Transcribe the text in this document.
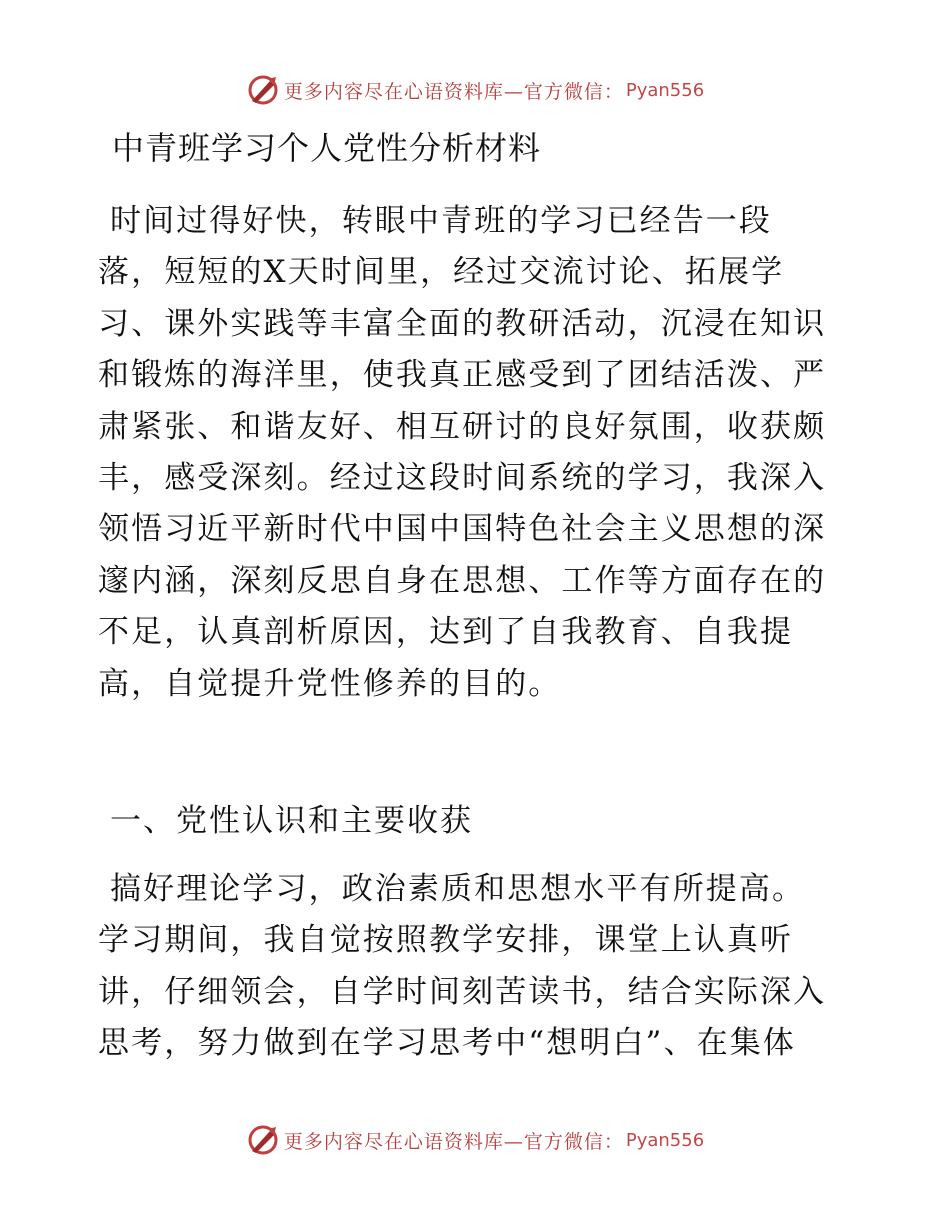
更多内容尽在心语资料库—官方微信： Pyan556
中青班学习个人党性分析材料
时间过得好快，转眼中青班的学习已经告一段
落，短短的X天时间里，经过交流讨论、拓展学
习、课外实践等丰富全面的教研活动，沉浸在知识
和锻炼的海洋里，使我真正感受到了团结活泼、严
肃紧张、和谐友好、相互研讨的良好氛围，收获颇
丰，感受深刻。经过这段时间系统的学习，我深入
领悟习近平新时代中国中国特色社会主义思想的深
邃内涵，深刻反思自身在思想、工作等方面存在的
不足，认真剖析原因，达到了自我教育、自我提
高，自觉提升党性修养的目的。
一、党性认识和主要收获
搞好理论学习，政治素质和思想水平有所提高。
学习期间，我自觉按照教学安排，课堂上认真听
讲，仔细领会，自学时间刻苦读书，结合实际深入
思考，努力做到在学习思考中“想明白”、在集体
更多内容尽在心语资料库—官方微信： Pyan556
